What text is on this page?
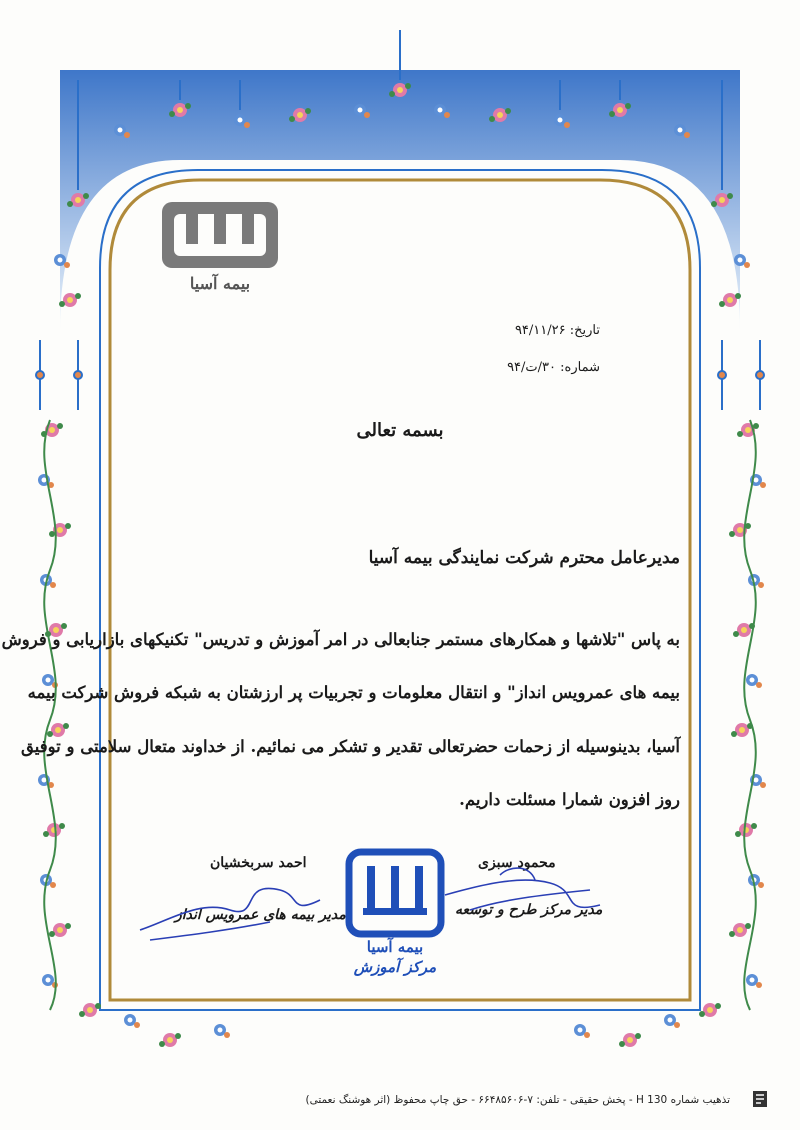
بیمه آسیا
تاریخ: ۹۴/۱۱/۲۶
شماره: ۳۰/ت/۹۴
بسمه تعالی
مدیرعامل محترم شرکت نمایندگی بیمه آسیا
به پاس "تلاشها و همکارهای مستمر جنابعالی در امر آموزش و تدریس" تکنیکهای بازاریابی و فروش
بیمه های عمرویس انداز" و انتقال معلومات و تجربیات پر ارزشتان به شبکه فروش شرکت بیمه
آسیا، بدینوسیله از زحمات حضرتعالی تقدیر و تشکر می نمائیم. از خداوند متعال سلامتی و توفیق
روز افزون شمارا مسئلت داریم.
احمد سربخشیان
مدیر بیمه های عمرویس انداز
محمود سبزی
مدیر مرکز طرح و توسعه
بیمه آسیا
مرکز آموزش
تذهیب شماره H 130 - پخش حقیقی - تلفن: ۷-۶۶۴۸۵۶۰۶ - حق چاپ محفوظ (اثر هوشنگ نعمتی)
